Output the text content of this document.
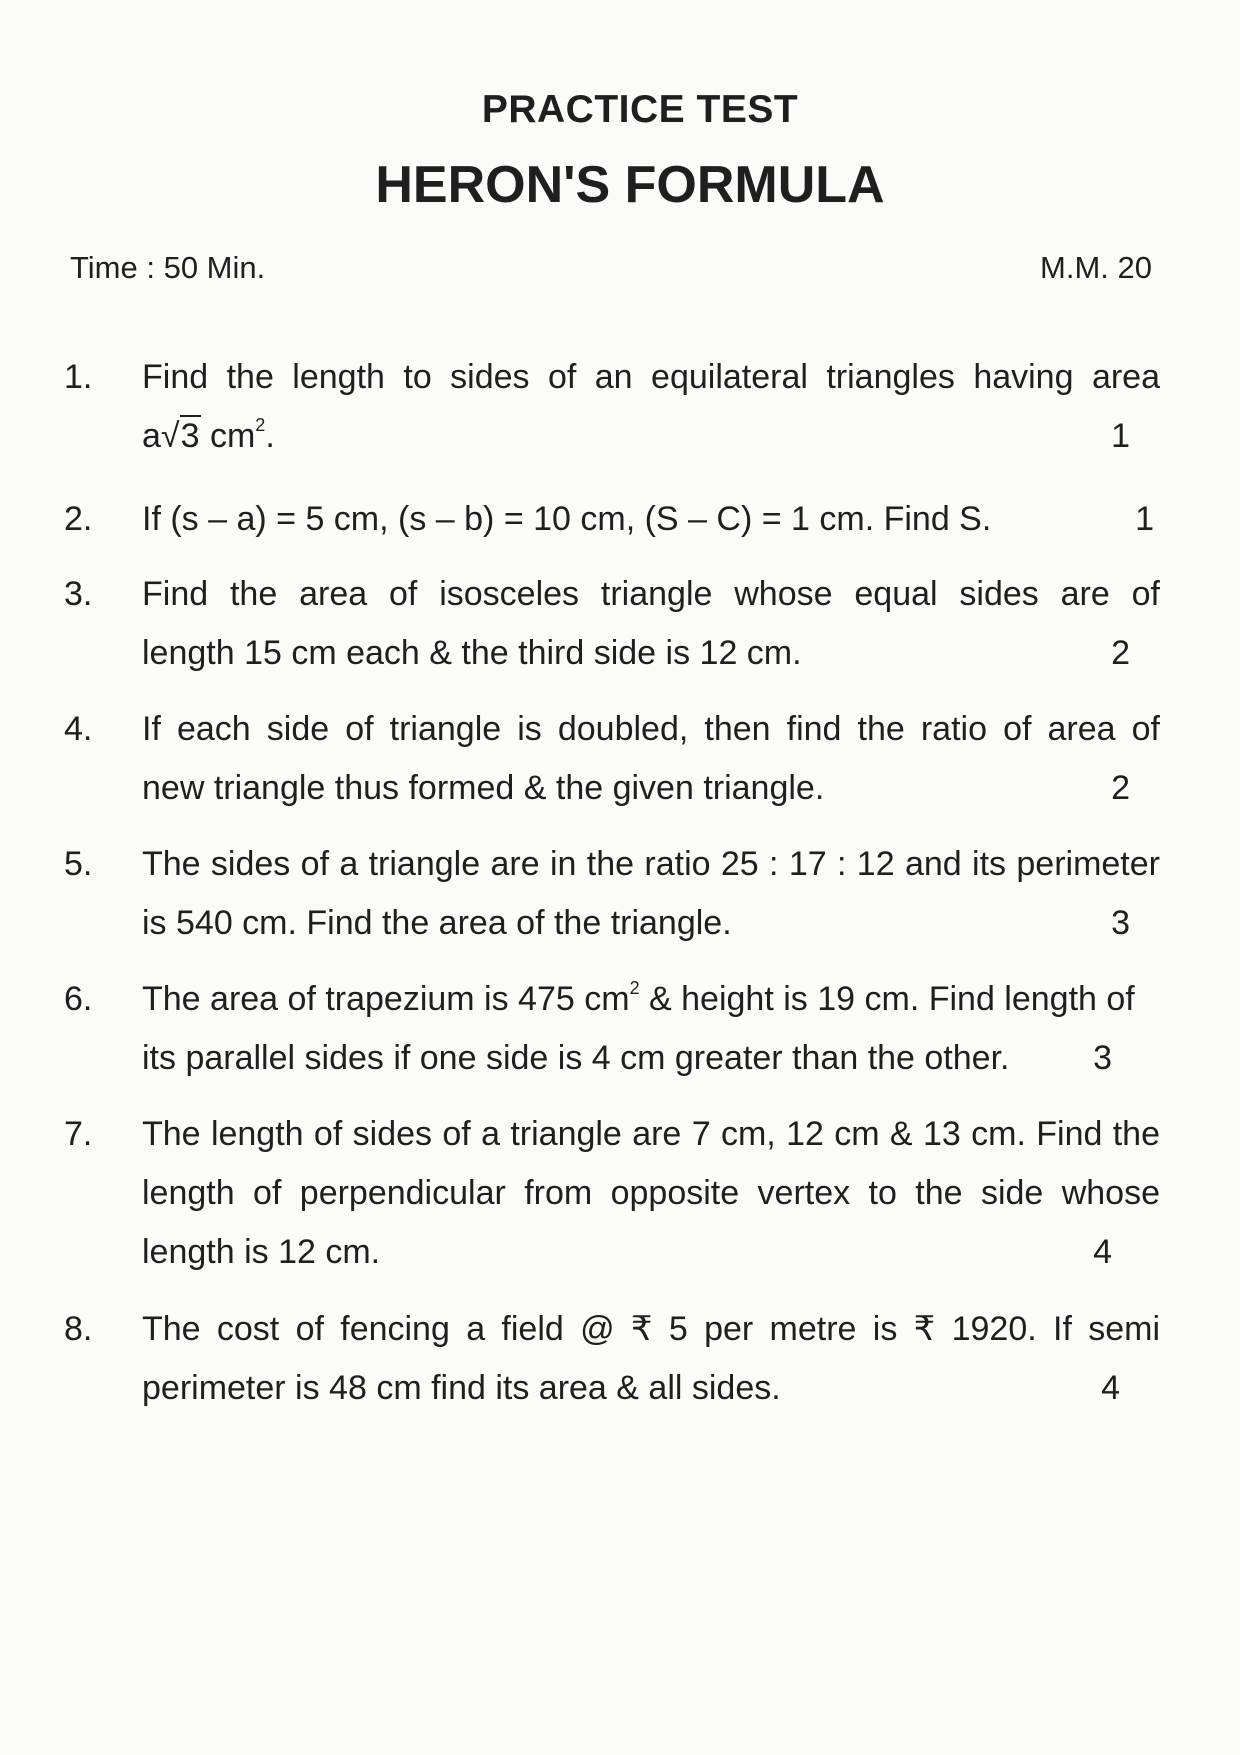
PRACTICE TEST
HERON'S FORMULA
Time : 50 Min.	M.M. 20
1. Find the length to sides of an equilateral triangles having area
a√3 $cm^2$.	1
2. If (s – a) = 5 cm, (s – b) = 10 cm, (S – C) = 1 cm. Find S.	1
3. Find the area of isosceles triangle whose equal sides are of
length 15 cm each & the third side is 12 cm.	2
4. If each side of triangle is doubled, then find the ratio of area of
new triangle thus formed & the given triangle.	2
5. The sides of a triangle are in the ratio 25 : 17 : 12 and its perimeter
is 540 cm. Find the area of the triangle.	3
6. The area of trapezium is 475 $cm^2$ & height is 19 cm. Find length of
its parallel sides if one side is 4 cm greater than the other. 3
7. The length of sides of a triangle are 7 cm, 12 cm & 13 cm. Find the
length of perpendicular from opposite vertex to the side whose
length is 12 cm.	4
8. The cost of fencing a field @ ₹ 5 per metre is ₹ 1920. If semi
perimeter is 48 cm find its area & all sides.	4
